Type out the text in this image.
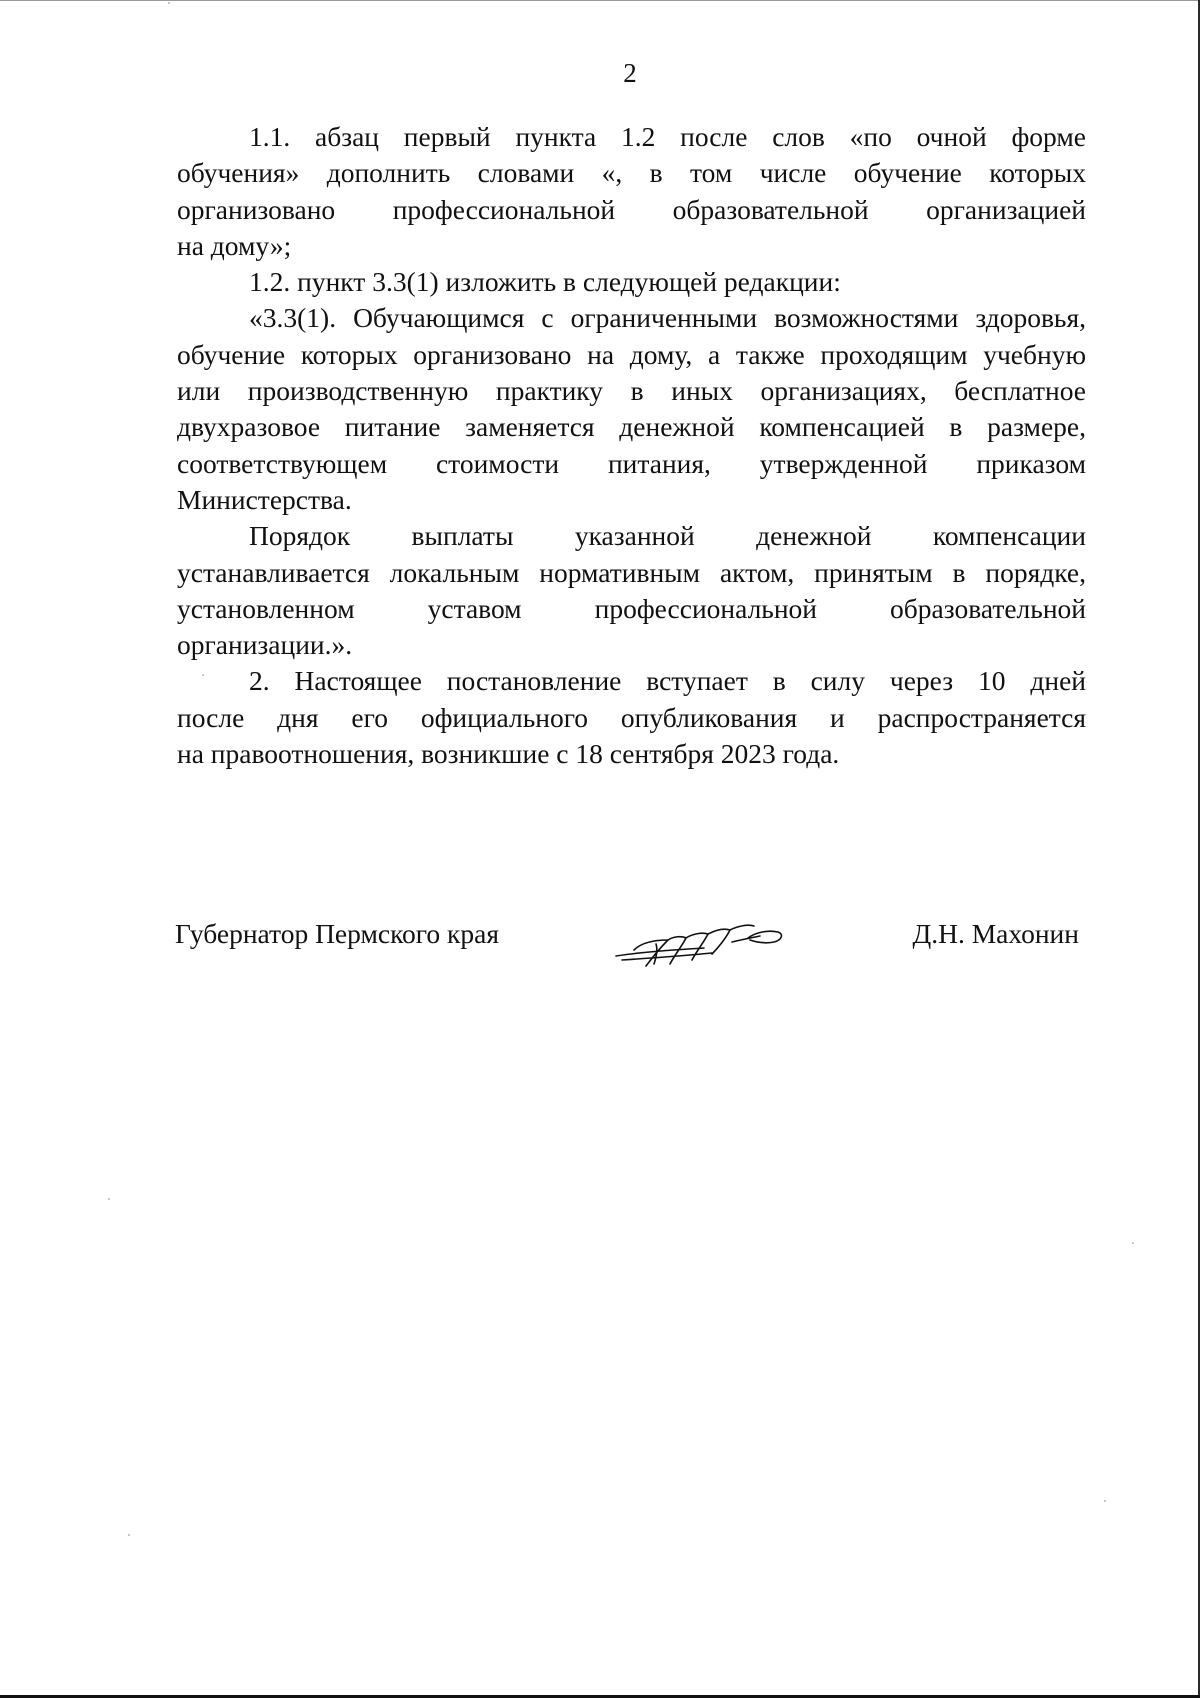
2
1.1. абзац первый пункта 1.2 после слов «по очной форме
обучения» дополнить словами «, в том числе обучение которых
организовано профессиональной образовательной организацией
на дому»;
1.2. пункт 3.3(1) изложить в следующей редакции:
«3.3(1). Обучающимся с ограниченными возможностями здоровья,
обучение которых организовано на дому, а также проходящим учебную
или производственную практику в иных организациях, бесплатное
двухразовое питание заменяется денежной компенсацией в размере,
соответствующем стоимости питания, утвержденной приказом
Министерства.
Порядок выплаты указанной денежной компенсации
устанавливается локальным нормативным актом, принятым в порядке,
установленном уставом профессиональной образовательной
организации.».
2. Настоящее постановление вступает в силу через 10 дней
после дня его официального опубликования и распространяется
на правоотношения, возникшие с 18 сентября 2023 года.
Губернатор Пермского края	Д.Н. Махонин
